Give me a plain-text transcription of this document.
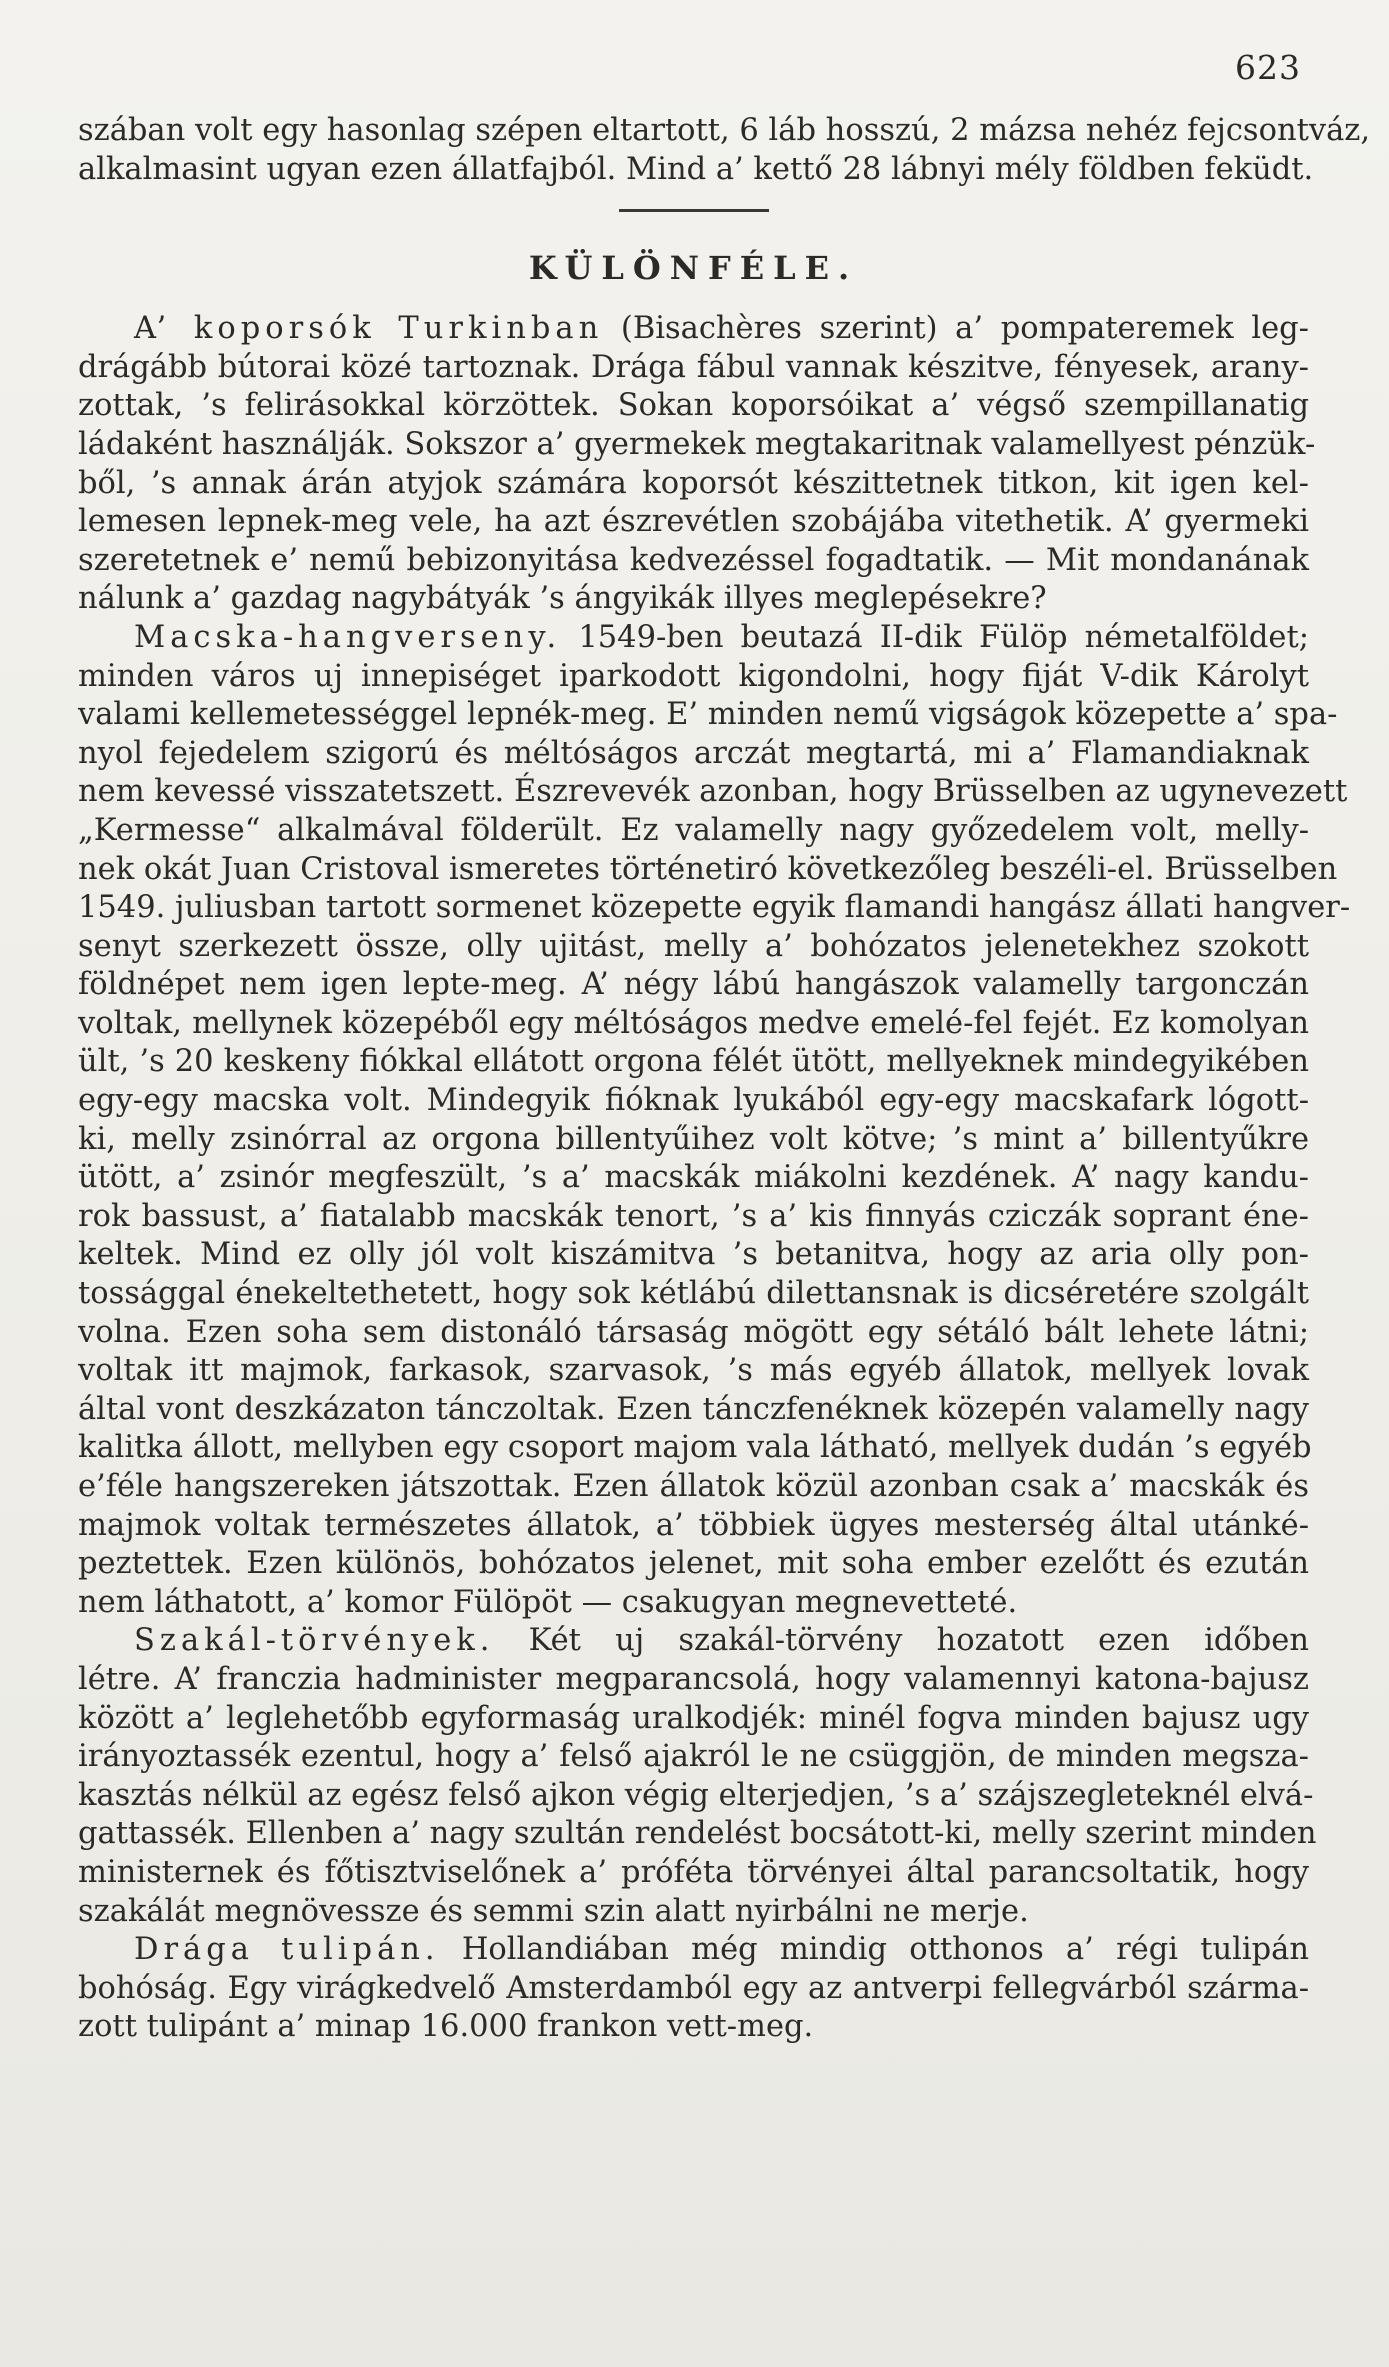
623
szában volt egy hasonlag szépen eltartott, 6 láb hosszú, 2 mázsa nehéz fejcsontváz,
alkalmasint ugyan ezen állatfajból. Mind a’ kettő 28 lábnyi mély földben feküdt.
KÜLÖNFÉLE.
A’ koporsók Turkinban (Bisachères szerint) a’ pompateremek leg-
drágább bútorai közé tartoznak. Drága fábul vannak készitve, fényesek, arany-
zottak, ’s felirásokkal körzöttek. Sokan koporsóikat a’ végső szempillanatig
ládaként használják. Sokszor a’ gyermekek megtakaritnak valamellyest pénzük-
ből, ’s annak árán atyjok számára koporsót készittetnek titkon, kit igen kel-
lemesen lepnek-meg vele, ha azt észrevétlen szobájába vitethetik. A’ gyermeki
szeretetnek e’ nemű bebizonyitása kedvezéssel fogadtatik. — Mit mondanának
nálunk a’ gazdag nagybátyák ’s ángyikák illyes meglepésekre?
Macska-hangverseny. 1549-ben beutazá II-dik Fülöp németalföldet;
minden város uj innepiséget iparkodott kigondolni, hogy fiját V-dik Károlyt
valami kellemetességgel lepnék-meg. E’ minden nemű vigságok közepette a’ spa-
nyol fejedelem szigorú és méltóságos arczát megtartá, mi a’ Flamandiaknak
nem kevessé visszatetszett. Észrevevék azonban, hogy Brüsselben az ugynevezett
„Kermesse“ alkalmával földerült. Ez valamelly nagy győzedelem volt, melly-
nek okát Juan Cristoval ismeretes történetiró következőleg beszéli-el. Brüsselben
1549. juliusban tartott sormenet közepette egyik flamandi hangász állati hangver-
senyt szerkezett össze, olly ujitást, melly a’ bohózatos jelenetekhez szokott
földnépet nem igen lepte-meg. A’ négy lábú hangászok valamelly targonczán
voltak, mellynek közepéből egy méltóságos medve emelé-fel fejét. Ez komolyan
ült, ’s 20 keskeny fiókkal ellátott orgona félét ütött, mellyeknek mindegyikében
egy-egy macska volt. Mindegyik fióknak lyukából egy-egy macskafark lógott-
ki, melly zsinórral az orgona billentyűihez volt kötve; ’s mint a’ billentyűkre
ütött, a’ zsinór megfeszült, ’s a’ macskák miákolni kezdének. A’ nagy kandu-
rok bassust, a’ fiatalabb macskák tenort, ’s a’ kis finnyás cziczák soprant éne-
keltek. Mind ez olly jól volt kiszámitva ’s betanitva, hogy az aria olly pon-
tossággal énekeltethetett, hogy sok kétlábú dilettansnak is dicséretére szolgált
volna. Ezen soha sem distonáló társaság mögött egy sétáló bált lehete látni;
voltak itt majmok, farkasok, szarvasok, ’s más egyéb állatok, mellyek lovak
által vont deszkázaton tánczoltak. Ezen tánczfenéknek közepén valamelly nagy
kalitka állott, mellyben egy csoport majom vala látható, mellyek dudán ’s egyéb
e’féle hangszereken játszottak. Ezen állatok közül azonban csak a’ macskák és
majmok voltak természetes állatok, a’ többiek ügyes mesterség által utánké-
peztettek. Ezen különös, bohózatos jelenet, mit soha ember ezelőtt és ezután
nem láthatott, a’ komor Fülöpöt — csakugyan megnevetteté.
Szakál-törvények. Két uj szakál-törvény hozatott ezen időben
létre. A’ franczia hadminister megparancsolá, hogy valamennyi katona-bajusz
között a’ leglehetőbb egyformaság uralkodjék: minél fogva minden bajusz ugy
irányoztassék ezentul, hogy a’ felső ajakról le ne csüggjön, de minden megsza-
kasztás nélkül az egész felső ajkon végig elterjedjen, ’s a’ szájszegleteknél elvá-
gattassék. Ellenben a’ nagy szultán rendelést bocsátott-ki, melly szerint minden
ministernek és főtisztviselőnek a’ próféta törvényei által parancsoltatik, hogy
szakálát megnövessze és semmi szin alatt nyirbálni ne merje.
Drága tulipán. Hollandiában még mindig otthonos a’ régi tulipán
bohóság. Egy virágkedvelő Amsterdamból egy az antverpi fellegvárból szárma-
zott tulipánt a’ minap 16.000 frankon vett-meg.
